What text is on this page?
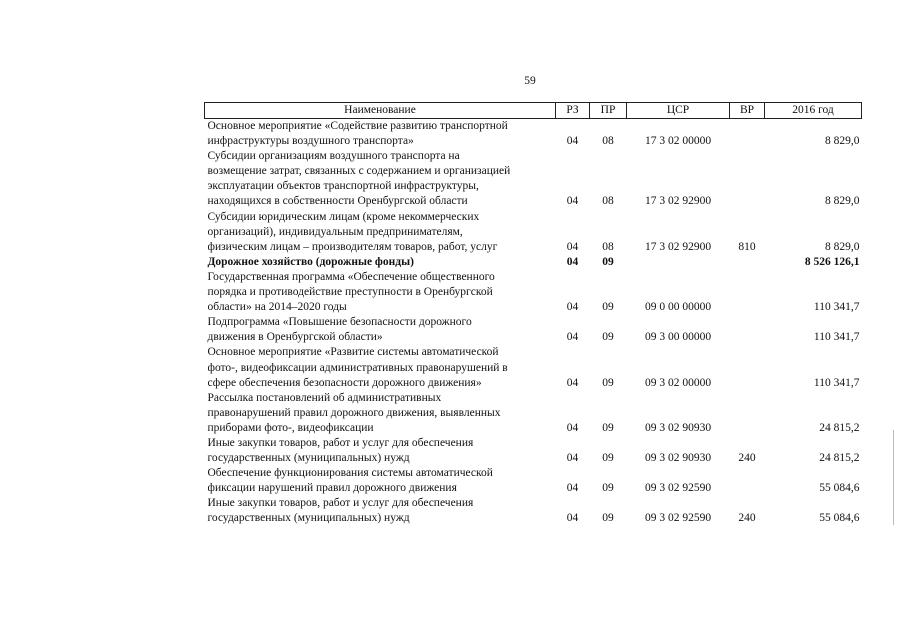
59
Наименование	РЗ	ПР	ЦСР	ВР	2016 год

Основное мероприятие «Содействие развитию транспортной
инфраструктуры воздушного транспорта»	04	08	17 3 02 00000		8 829,0

Субсидии организациям воздушного транспорта на
возмещение затрат, связанных с содержанием и организацией
эксплуатации объектов транспортной инфраструктуры,
находящихся в собственности Оренбургской области	04	08	17 3 02 92900		8 829,0

Субсидии юридическим лицам (кроме некоммерческих
организаций), индивидуальным предпринимателям,
физическим лицам – производителям товаров, работ, услуг	04	08	17 3 02 92900	810	8 829,0

Дорожное хозяйство (дорожные фонды)	04	09			8 526 126,1

Государственная программа «Обеспечение общественного
порядка и противодействие преступности в Оренбургской
области» на 2014–2020 годы	04	09	09 0 00 00000		110 341,7

Подпрограмма «Повышение безопасности дорожного
движения в Оренбургской области»	04	09	09 3 00 00000		110 341,7

Основное мероприятие «Развитие системы автоматической
фото-, видеофиксации административных правонарушений в
сфере обеспечения безопасности дорожного движения»	04	09	09 3 02 00000		110 341,7

Рассылка постановлений об административных
правонарушений правил дорожного движения, выявленных
приборами фото-, видеофиксации	04	09	09 3 02 90930		24 815,2

Иные закупки товаров, работ и услуг для обеспечения
государственных (муниципальных) нужд	04	09	09 3 02 90930	240	24 815,2

Обеспечение функционирования системы автоматической
фиксации нарушений правил дорожного движения	04	09	09 3 02 92590		55 084,6

Иные закупки товаров, работ и услуг для обеспечения
государственных (муниципальных) нужд	04	09	09 3 02 92590	240	55 084,6
